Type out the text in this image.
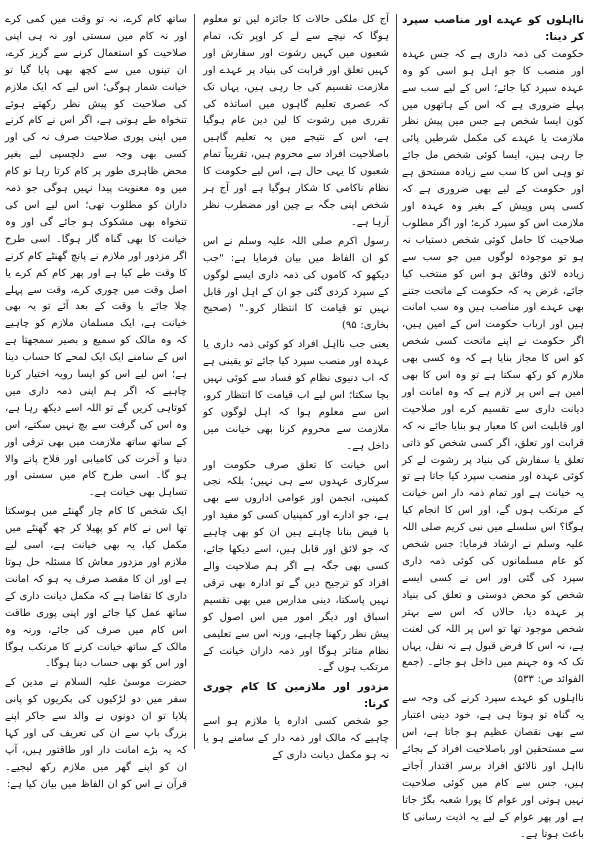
نااہلوں کو عہدے اور مناصب سپرد کر دینا:

حکومت کی ذمہ داری ہے کہ جس عہدہ اور منصب کا جو اہل ہو اسی کو وہ عہدہ سپرد کیا جائے؛ اس کے لیے سب سے پہلے ضروری ہے کہ اس کے ہاتھوں میں کون ایسا شخص ہے جس میں پیش نظر ملازمت یا عہدے کی مکمل شرطیں پائی جا رہی ہیں، ایسا کوئی شخص مل جائے تو وہی اس کا سب سے زیادہ مستحق ہے اور حکومت کے لیے بھی ضروری ہے کہ کسی پس وپیش کے بغیر وہ عہدہ اور ملازمت اس کو سپرد کرے؛ اور اگر مطلوب صلاحیت کا حامل کوئی شخص دستیاب نہ ہو تو موجودہ لوگوں میں جو سب سے زیادہ لائق وفائق ہو اس کو منتخب کیا جائے، غرض یہ کہ حکومت کے ماتحت جتنے بھی عہدے اور مناصب ہیں وہ سب امانت ہیں اور ارباب حکومت اس کے امین ہیں، اگر حکومت نے اپنے ماتحت کسی شخص کو اس کا مجاز بنایا ہے کہ وہ کسی بھی ملازم کو رکھ سکتا ہے تو وہ اس کا بھی امین ہے اس پر لازم ہے کہ وہ امانت اور دیانت داری سے تقسیم کرے اور صلاحیت اور قابلیت اس کا معیار ہو بنایا جائے نہ کہ قرابت اور تعلق، اگر کسی شخص کو ذاتی تعلق یا سفارش کی بنیاد پر رشوت لے کر کوئی عہدہ اور منصب سپرد کیا جاتا ہے تو یہ خیانت ہے اور تمام ذمہ دار اس خیانت کے مرتکب ہوں گے، اور اس کا انجام کیا ہوگا؟ اس سلسلے میں نبی کریم صلی اللہ علیہ وسلم نے ارشاد فرمایا: جس شخص کو عام مسلمانوں کی کوئی ذمہ داری سپرد کی گئی اور اس نے کسی ایسے شخص کو محض دوستی و تعلق کی بنیاد پر عہدہ دیا، حالاں کہ اس سے بہتر شخص موجود تھا تو اس پر اللہ کی لعنت ہے، نہ اس کا فرض قبول ہے نہ نفل، یہاں تک کہ وہ جہنم میں داخل ہو جائے۔ (جمع الفوائد ص: ۵۳۳)

نااہلوں کو عہدے سپرد کرنے کی وجہ سے یہ گناہ تو ہوتا ہی ہے، خود دینی اعتبار سے بھی نقصان عظیم ہو جاتا ہے، اس سے مستحقین اور باصلاحیت افراد کے بجائے نااہل اور نالائق افراد برسر اقتدار آجاتے ہیں، جس سے کام میں کوئی صلاحیت نہیں ہوتی اور عوام کا پورا شعبہ بگڑ جاتا ہے اور پھر عوام کے لیے یہ اذیت رسانی کا باعث ہوتا ہے۔

آج کل ملکی حالات کا جائزہ لیں تو معلوم ہوگا کہ نیچے سے لے کر اوپر تک، تمام شعبوں میں کہیں رشوت اور سفارش اور کہیں تعلق اور قرابت کی بنیاد پر عہدے اور ملازمت تقسیم کی جا رہی ہیں، یہاں تک کہ عصری تعلیم گاہوں میں اساتذہ کی تقرری میں رشوت کا لین دین عام ہوگیا ہے، اس کے نتیجے میں یہ تعلیم گاہیں باصلاحیت افراد سے محروم ہیں، تقریباً تمام شعبوں کا یہی حال ہے، اس لیے حکومت کا نظام ناکامی کا شکار ہوگیا ہے اور آج ہر شخص اپنی جگہ بے چین اور مضطرب نظر آرہا ہے۔

رسول اکرم صلی اللہ علیہ وسلم نے اس کو ان الفاظ میں بیان فرمایا ہے: "جب دیکھو کہ کاموں کی ذمہ داری ایسے لوگوں کے سپرد کردی گئی جو ان کے اہل اور قابل نہیں تو قیامت کا انتظار کرو۔" (صحیح بخاری: ۹۵)

یعنی جب نااہل افراد کو کوئی ذمہ داری یا عہدہ اور منصب سپرد کیا جائے تو یقینی ہے کہ اب دنیوی نظام کو فساد سے کوئی نہیں بچا سکتا؛ اس لیے اب قیامت کا انتظار کرو، اس سے معلوم ہوا کہ اہل لوگوں کو ملازمت سے محروم کرنا بھی خیانت میں داخل ہے۔

اس خیانت کا تعلق صرف حکومت اور سرکاری عہدوں سے ہی نہیں؛ بلکہ نجی کمپنی، انجمن اور عوامی اداروں سے بھی ہے، جو ادارے اور کمپنیاں کسی کو مفید اور با فیض بنانا چاہتے ہیں ان کو بھی چاہیے کہ جو لائق اور قابل ہیں، اسے دیکھا جائے، کسی بھی جگہ ہے اگر ہم صلاحیت والے افراد کو ترجیح دیں گے تو ادارہ بھی ترقی نہیں پاسکتا، دینی مدارس میں بھی تقسیم اسباق اور دیگر امور میں اس اصول کو پیش نظر رکھنا چاہیے، ورنہ اس سے تعلیمی نظام متاثر ہوگا اور ذمہ داران خیانت کے مرتکب ہوں گے۔

مزدور اور ملازمین کا کام چوری کرنا:

جو شخص کسی ادارہ یا ملازم ہو اسے چاہیے کہ مالک اور ذمہ دار کے سامنے ہو یا نہ ہو مکمل دیانت داری کے

ساتھ کام کرے، نہ تو وقت میں کمی کرے اور نہ کام میں سستی اور نہ ہی اپنی صلاحیت کو استعمال کرنے سے گریز کرے، ان تینوں میں سے کچھ بھی پایا گیا تو خیانت شمار ہوگی؛ اس لیے کہ ایک ملازم کی صلاحیت کو پیش نظر رکھتے ہوئے تنخواہ طے ہوتی ہے، اگر اس نے کام کرنے میں اپنی پوری صلاحیت صرف نہ کی اور کسی بھی وجہ سے دلچسپی لیے بغیر محض ظاہری طور پر کام کرتا رہا تو کام میں وہ معنویت پیدا نہیں ہوگی جو ذمہ داران کو مطلوب تھی؛ اس لیے اس کی تنخواہ بھی مشکوک ہو جائے گی اور وہ خیانت کا بھی گناہ گار ہوگا۔ اسی طرح اگر مزدور اور ملازم نے پانچ گھنٹے کام کرنے کا وقت طے کیا ہے اور پھر کام کم کرے یا اصل وقت میں چوری کرے، وقت سے پہلے چلا جائے یا وقت کے بعد آئے تو یہ بھی خیانت ہے، ایک مسلمان ملازم کو چاہیے کہ وہ مالک کو سمیع و بصیر سمجھتا ہے اس کے سامنے ایک ایک لمحے کا حساب دینا ہے؛ اس لیے اس کو ایسا رویہ اختیار کرنا چاہیے کہ اگر ہم اپنی ذمہ داری میں کوتاہی کریں گے تو اللہ اسے دیکھ رہا ہے، وہ اس کی گرفت سے بچ نہیں سکتے، اس کے ساتھ ساتھ ملازمت میں بھی ترقی اور دنیا و آخرت کی کامیابی اور فلاح پانے والا ہو گا۔ اسی طرح کام میں سستی اور تساہل بھی خیانت ہے۔

ایک شخص کا کام چار گھنٹے میں ہوسکتا تھا اس نے کام کو پھیلا کر چھ گھنٹے میں مکمل کیا، یہ بھی خیانت ہے، اسی لیے ملازم اور مزدور معاش کا مسئلہ حل ہوتا ہے اور ان کا مقصد صرف یہ ہو کہ امانت داری کا تقاضا ہے کہ مکمل دیانت داری کے ساتھ عمل کیا جائے اور اپنی پوری طاقت اس کام میں صرف کی جائے، ورنہ وہ مالک کے ساتھ خیانت کرنے کا مرتکب ہوگا اور اس کو بھی حساب دینا ہوگا۔

حضرت موسیٰ علیہ السلام نے مدین کے سفر میں دو لڑکیوں کی بکریوں کو پانی پلایا تو ان دونوں نے والد سے جاکر اپنے بزرگ باپ سے ان کی تعریف کی اور کہا کہ یہ بڑے امانت دار اور طاقتور ہیں، آپ ان کو اپنے گھر میں ملازم رکھ لیجیے۔ قرآن نے اس کو ان الفاظ میں بیان کیا ہے:
